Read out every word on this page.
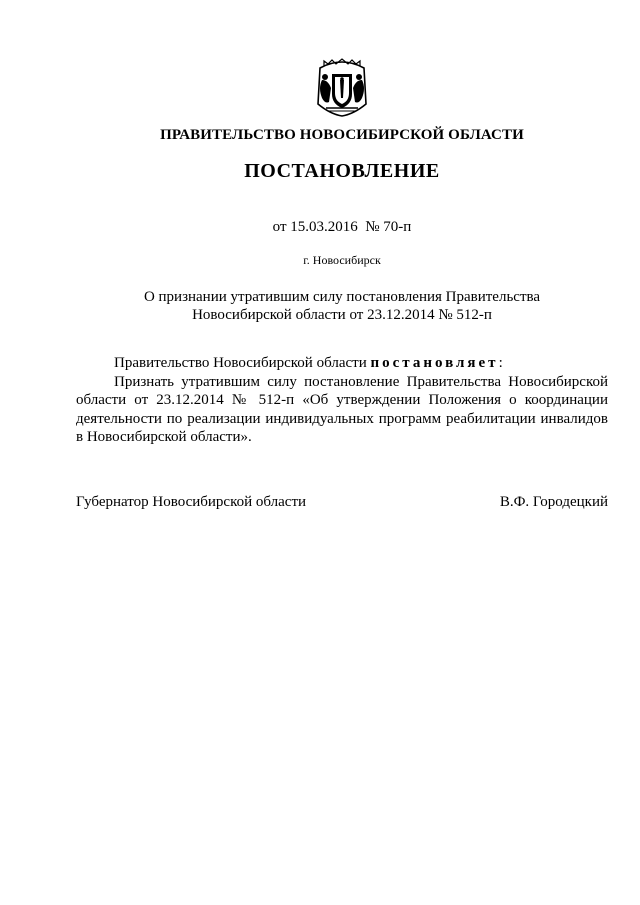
ПРАВИТЕЛЬСТВО НОВОСИБИРСКОЙ ОБЛАСТИ
ПОСТАНОВЛЕНИЕ
от 15.03.2016  № 70-п
г. Новосибирск
О признании утратившим силу постановления Правительства
Новосибирской области от 23.12.2014 № 512-п

Правительство Новосибирской области постановляет:

Признать утратившим силу постановление Правительства Новосибирской области от 23.12.2014 № 512-п «Об утверждении Положения о координации деятельности по реализации индивидуальных программ реабилитации инвалидов в Новосибирской области».

Губернатор Новосибирской области	В.Ф. Городецкий
